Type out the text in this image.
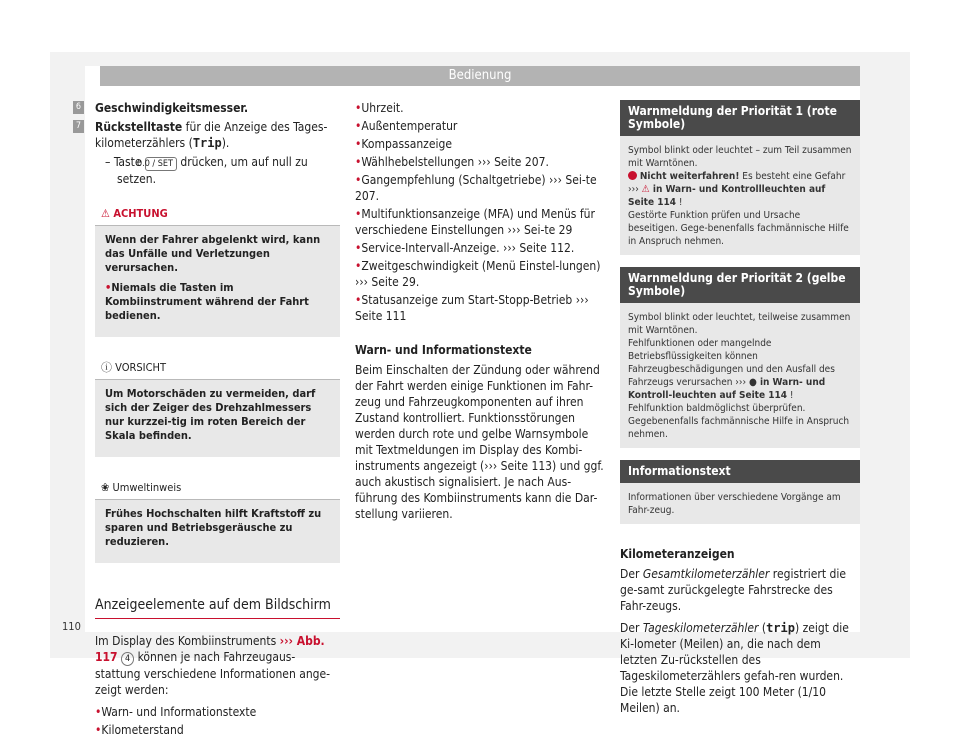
Bedienung
6 Geschwindigkeitsmesser.
7 Rückstelltaste für die Anzeige des Tages-kilometerzählers (Trip).
– Taste 0.0 / SET drücken, um auf null zu setzen.
⚠ ACHTUNG

Wenn der Fahrer abgelenkt wird, kann das Unfälle und Verletzungen verursachen.

• Niemals die Tasten im Kombiinstrument während der Fahrt bedienen.

ⓘ VORSICHT

Um Motorschäden zu vermeiden, darf sich der Zeiger des Drehzahlmessers nur kurzzei-tig im roten Bereich der Skala befinden.

❀ Umweltinweis

Frühes Hochschalten hilft Kraftstoff zu sparen und Betriebsgeräusche zu reduzieren.

Anzeigeelemente auf dem Bildschirm

Im Display des Kombiinstruments ››› Abb. 117 4 können je nach Fahrzeugaus-stattung verschiedene Informationen ange-zeigt werden:

• Warn- und Informationstexte
• Kilometerstand
• Uhrzeit.
• Außentemperatur
• Kompassanzeige
• Wählhebelstellungen ››› Seite 207.
• Gangempfehlung (Schaltgetriebe) ››› Sei-te 207.
• Multifunktionsanzeige (MFA) und Menüs für verschiedene Einstellungen ››› Sei-te 29
• Service-Intervall-Anzeige. ››› Seite 112.
• Zweitgeschwindigkeit (Menü Einstel-lungen) ››› Seite 29.
• Statusanzeige zum Start-Stopp-Betrieb ››› Seite 111
Warn- und Informationstexte

Beim Einschalten der Zündung oder während der Fahrt werden einige Funktionen im Fahr-zeug und Fahrzeugkomponenten auf ihren Zustand kontrolliert. Funktionsstörungen werden durch rote und gelbe Warnsymbole mit Textmeldungen im Display des Kombi-instruments angezeigt (››› Seite 113) und ggf. auch akustisch signalisiert. Je nach Aus-führung des Kombiinstruments kann die Dar-stellung variieren.

Warnmeldung der Priorität 1 (rote Symbole)
Symbol blinkt oder leuchtet – zum Teil zusammen mit Warntönen.
Nicht weiterfahren! Es besteht eine Gefahr ››› ⚠ in Warn- und Kontrollleuchten auf Seite 114 !
Gestörte Funktion prüfen und Ursache beseitigen. Gege-benenfalls fachmännische Hilfe in Anspruch nehmen.
Warnmeldung der Priorität 2 (gelbe Symbole)
Symbol blinkt oder leuchtet, teilweise zusammen mit Warntönen.
Fehlfunktionen oder mangelnde Betriebsflüssigkeiten können Fahrzeugbeschädigungen und den Ausfall des Fahrzeugs verursachen ››› ● in Warn- und Kontroll-leuchten auf Seite 114 !
Fehlfunktion baldmöglichst überprüfen. Gegebenenfalls fachmännische Hilfe in Anspruch nehmen.
Informationstext
Informationen über verschiedene Vorgänge am Fahr-zeug.
Kilometeranzeigen

Der Gesamtkilometerzähler registriert die ge-samt zurückgelegte Fahrstrecke des Fahr-zeugs.

Der Tageskilometerzähler (trip) zeigt die Ki-lometer (Meilen) an, die nach dem letzten Zu-rückstellen des Tageskilometerzählers gefah-ren wurden. Die letzte Stelle zeigt 100 Meter (1/10 Meilen) an.

110
